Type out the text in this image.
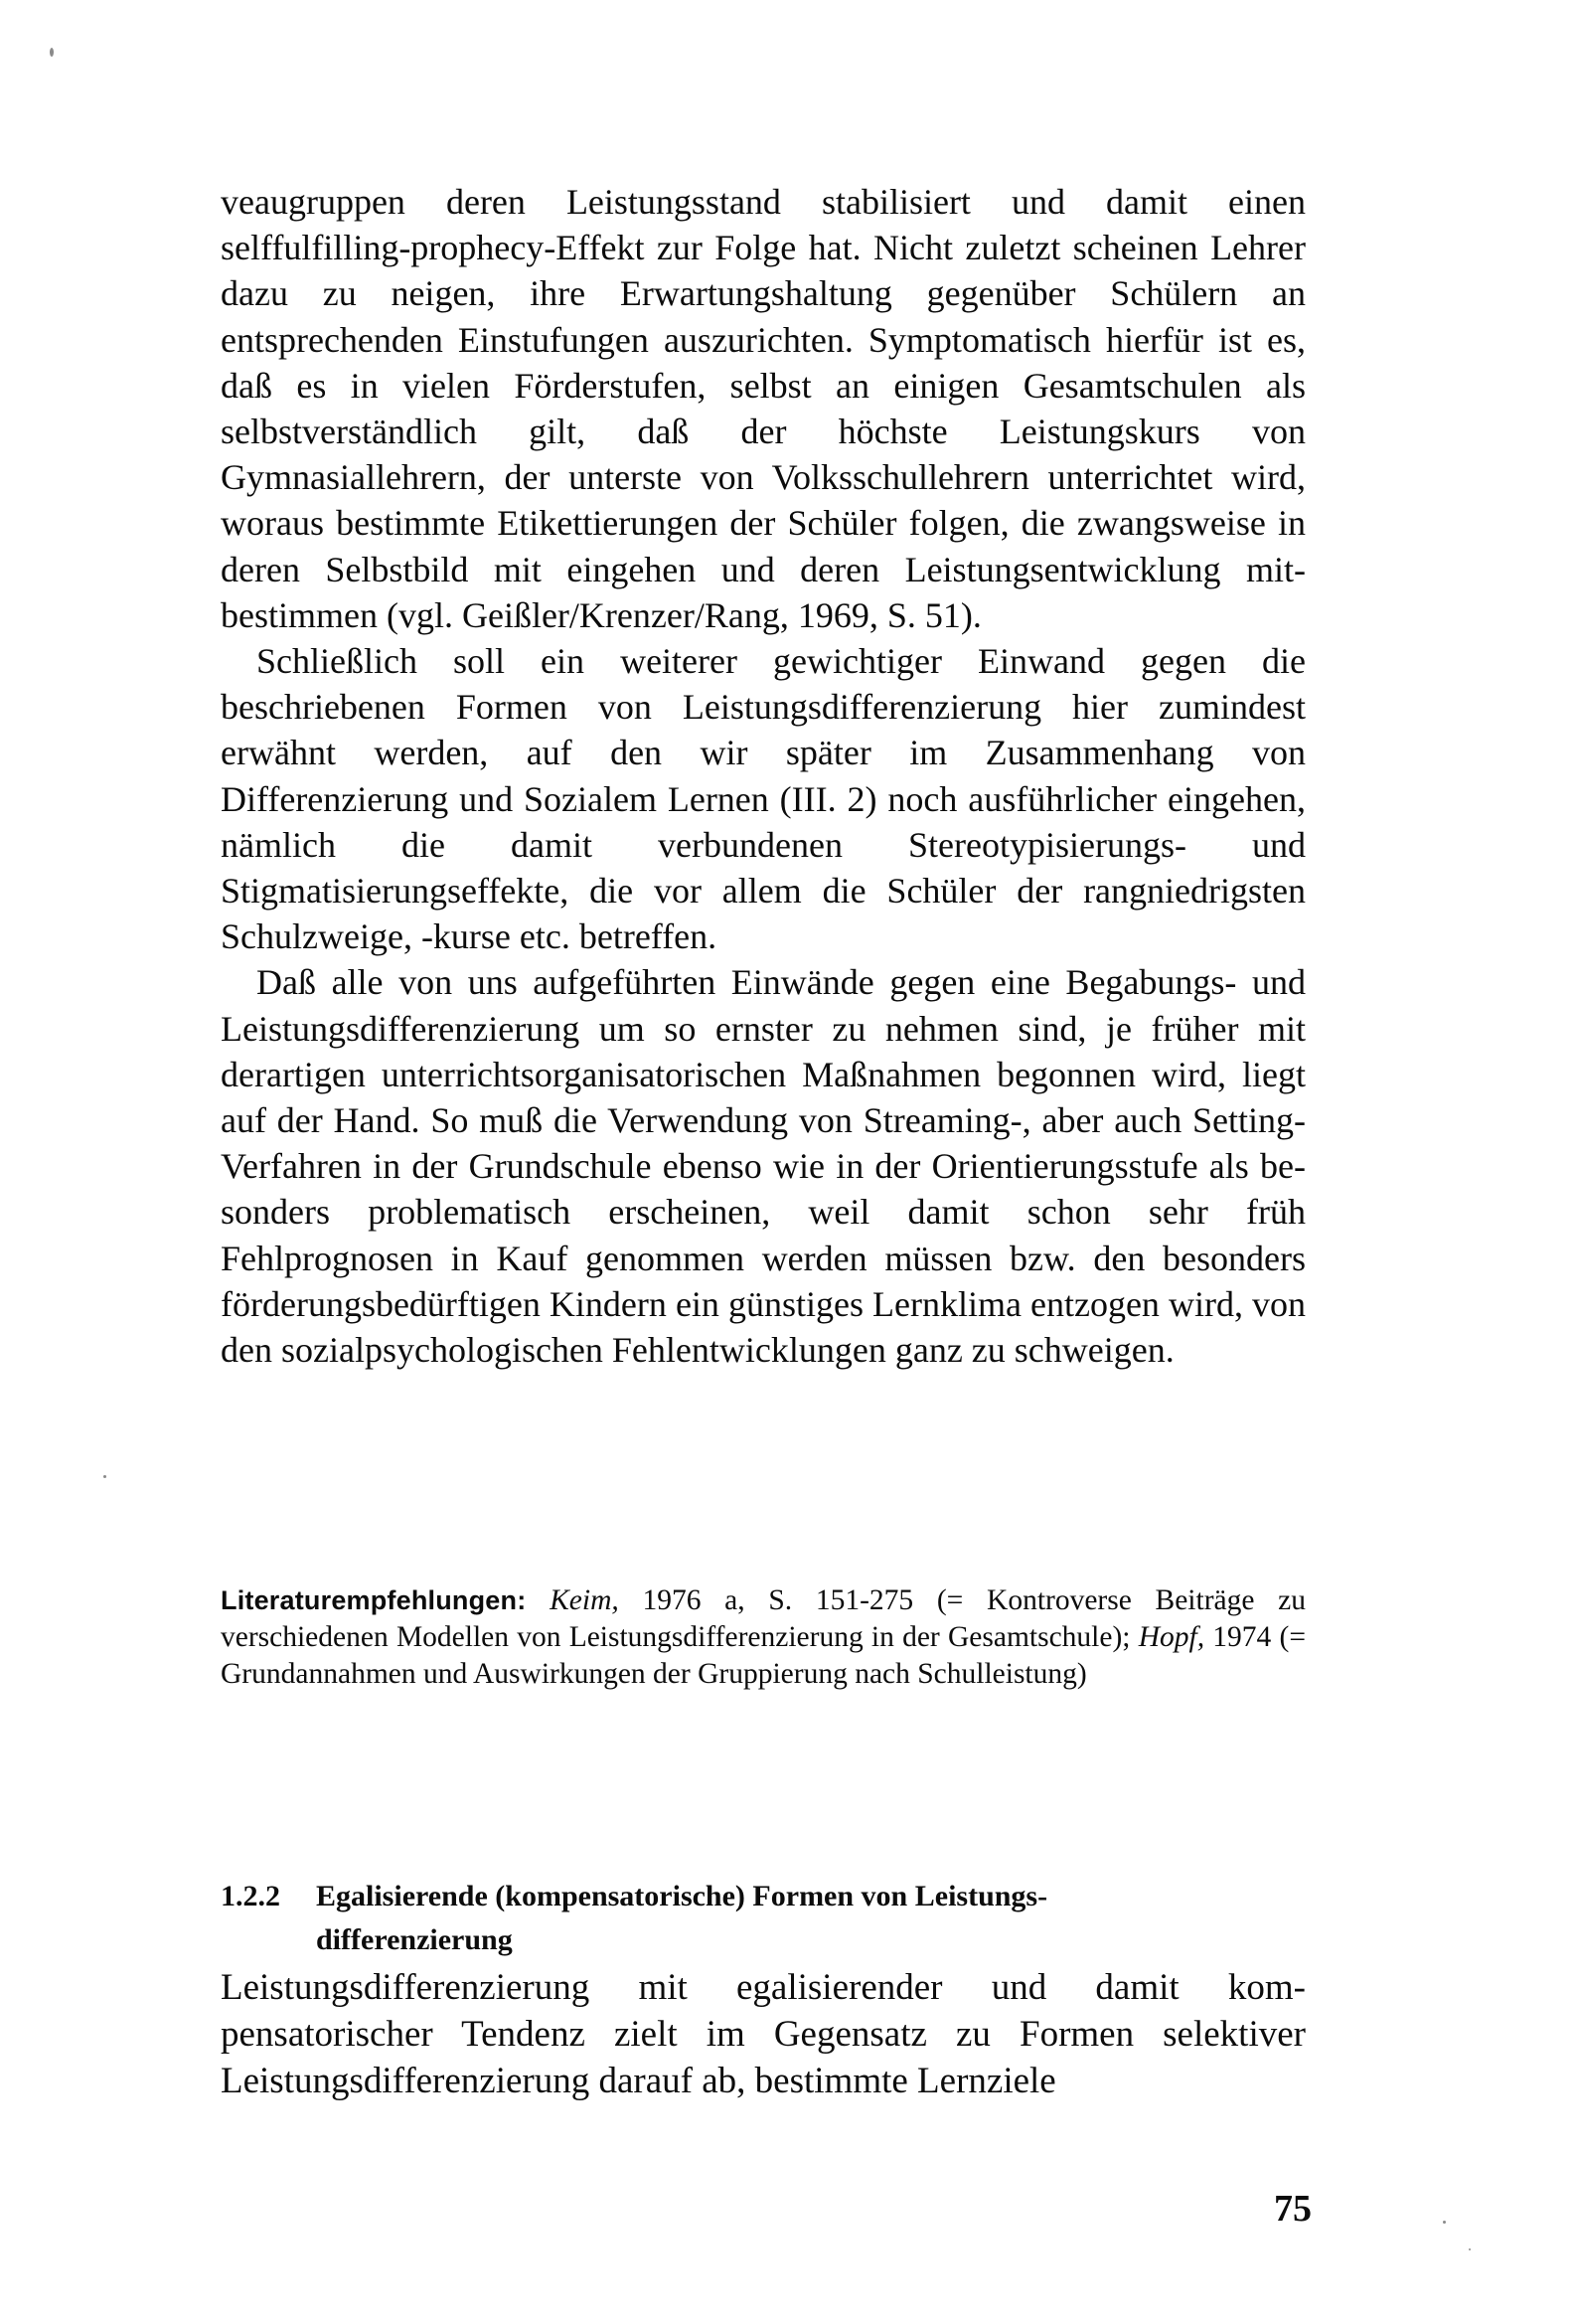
veaugruppen deren Leistungsstand stabilisiert und damit einen selffulfilling-prophecy-Effekt zur Folge hat. Nicht zuletzt scheinen Lehrer dazu zu neigen, ihre Erwartungshaltung gegenüber Schülern an entsprechenden Einstufungen auszurichten. Symptomatisch hierfür ist es, daß es in vielen Förderstufen, selbst an einigen Gesamtschulen als selbstverständlich gilt, daß der höchste Leistungskurs von Gymnasiallehrern, der unterste von Volksschullehrern unterrichtet wird, woraus bestimmte Etikettierungen der Schüler folgen, die zwangsweise in deren Selbstbild mit eingehen und deren Leistungsentwicklung mitbestimmen (vgl. Geißler/Krenzer/Rang, 1969, S. 51).

Schließlich soll ein weiterer gewichtiger Einwand gegen die beschriebenen Formen von Leistungsdifferenzierung hier zumindest erwähnt werden, auf den wir später im Zusammenhang von Differenzierung und Sozialem Lernen (III. 2) noch ausführlicher eingehen, nämlich die damit verbundenen Stereotypisierungs- und Stigmatisierungseffekte, die vor allem die Schüler der rangniedrigsten Schulzweige, -kurse etc. betreffen.

Daß alle von uns aufgeführten Einwände gegen eine Begabungs- und Leistungsdifferenzierung um so ernster zu nehmen sind, je früher mit derartigen unterrichtsorganisatorischen Maßnahmen begonnen wird, liegt auf der Hand. So muß die Verwendung von Streaming-, aber auch Setting-Verfahren in der Grundschule ebenso wie in der Orientierungsstufe als besonders problematisch erscheinen, weil damit schon sehr früh Fehlprognosen in Kauf genommen werden müssen bzw. den besonders förderungsbedürftigen Kindern ein günstiges Lernklima entzogen wird, von den sozialpsychologischen Fehlentwicklungen ganz zu schweigen.

Literaturempfehlungen: Keim, 1976 a, S. 151-275 (= Kontroverse Beiträge zu verschiedenen Modellen von Leistungsdifferenzierung in der Gesamtschule); Hopf, 1974 (= Grundannahmen und Auswirkungen der Gruppierung nach Schulleistung)

1.2.2 Egalisierende (kompensatorische) Formen von Leistungs-
differenzierung

Leistungsdifferenzierung mit egalisierender und damit kompensatorischer Tendenz zielt im Gegensatz zu Formen selektiver Leistungsdifferenzierung darauf ab, bestimmte Lernziele

75
